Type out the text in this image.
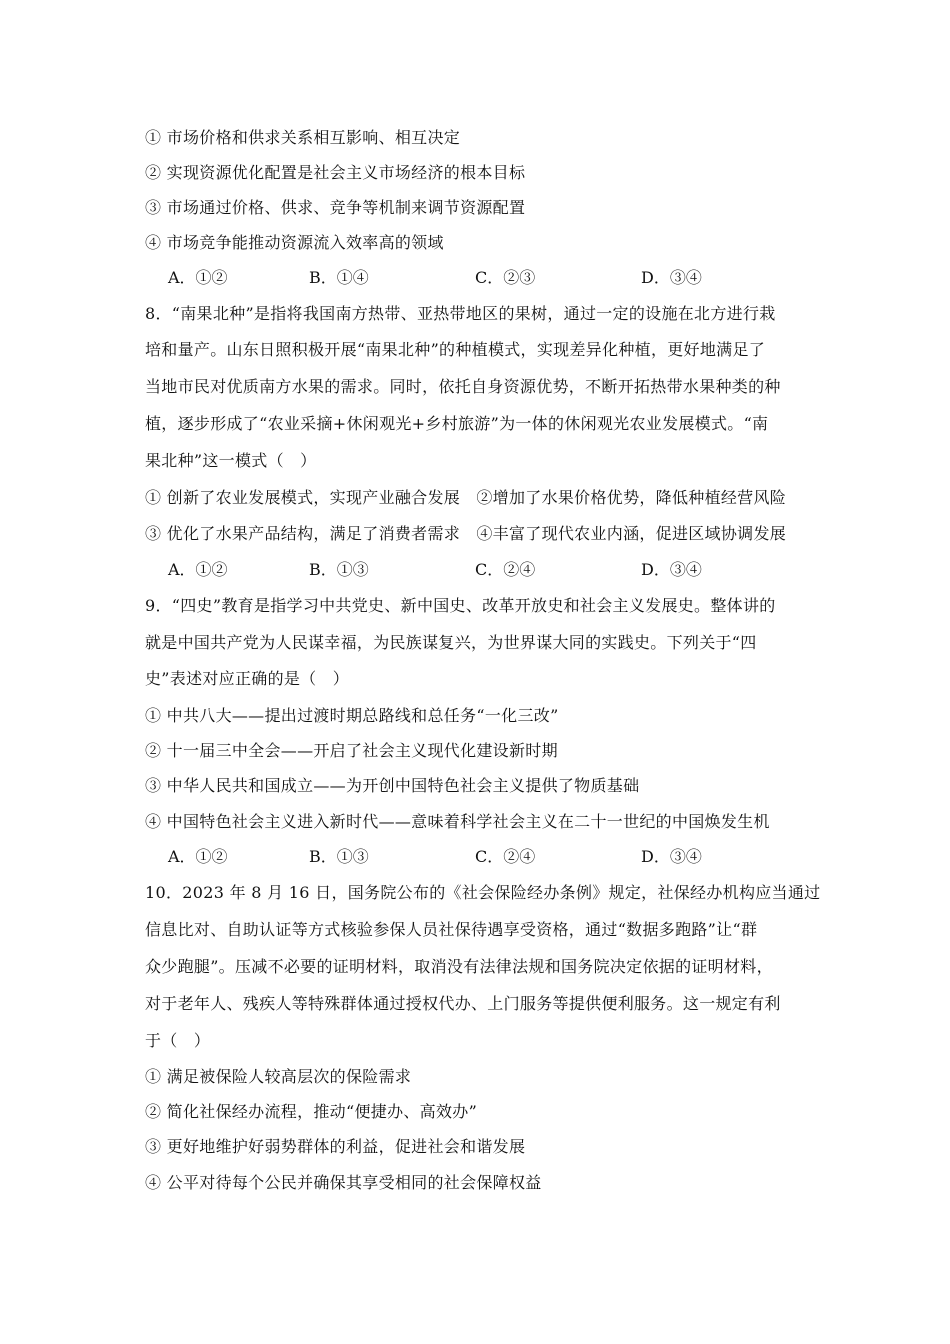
① 市场价格和供求关系相互影响、相互决定
② 实现资源优化配置是社会主义市场经济的根本目标
③ 市场通过价格、供求、竞争等机制来调节资源配置
④ 市场竞争能推动资源流入效率高的领域
A．①②	B．①④	C．②③	D．③④
8．“南果北种”是指将我国南方热带、亚热带地区的果树，通过一定的设施在北方进行栽
培和量产。山东日照积极开展“南果北种”的种植模式，实现差异化种植，更好地满足了
当地市民对优质南方水果的需求。同时，依托自身资源优势，不断开拓热带水果种类的种
植，逐步形成了“农业采摘+休闲观光+乡村旅游”为一体的休闲观光农业发展模式。“南
果北种”这一模式（　）
① 创新了农业发展模式，实现产业融合发展　②增加了水果价格优势，降低种植经营风险
③ 优化了水果产品结构，满足了消费者需求　④丰富了现代农业内涵，促进区域协调发展
A．①②	B．①③	C．②④	D．③④
9．“四史”教育是指学习中共党史、新中国史、改革开放史和社会主义发展史。整体讲的
就是中国共产党为人民谋幸福，为民族谋复兴，为世界谋大同的实践史。下列关于“四
史”表述对应正确的是（　）
① 中共八大——提出过渡时期总路线和总任务“一化三改”
② 十一届三中全会——开启了社会主义现代化建设新时期
③ 中华人民共和国成立——为开创中国特色社会主义提供了物质基础
④ 中国特色社会主义进入新时代——意味着科学社会主义在二十一世纪的中国焕发生机
A．①②	B．①③	C．②④	D．③④
10．2023 年 8 月 16 日，国务院公布的《社会保险经办条例》规定，社保经办机构应当通过
信息比对、自助认证等方式核验参保人员社保待遇享受资格，通过“数据多跑路”让“群
众少跑腿”。压减不必要的证明材料，取消没有法律法规和国务院决定依据的证明材料，
对于老年人、残疾人等特殊群体通过授权代办、上门服务等提供便利服务。这一规定有利
于（　）
① 满足被保险人较高层次的保险需求
② 简化社保经办流程，推动“便捷办、高效办”
③ 更好地维护好弱势群体的利益，促进社会和谐发展
④ 公平对待每个公民并确保其享受相同的社会保障权益
